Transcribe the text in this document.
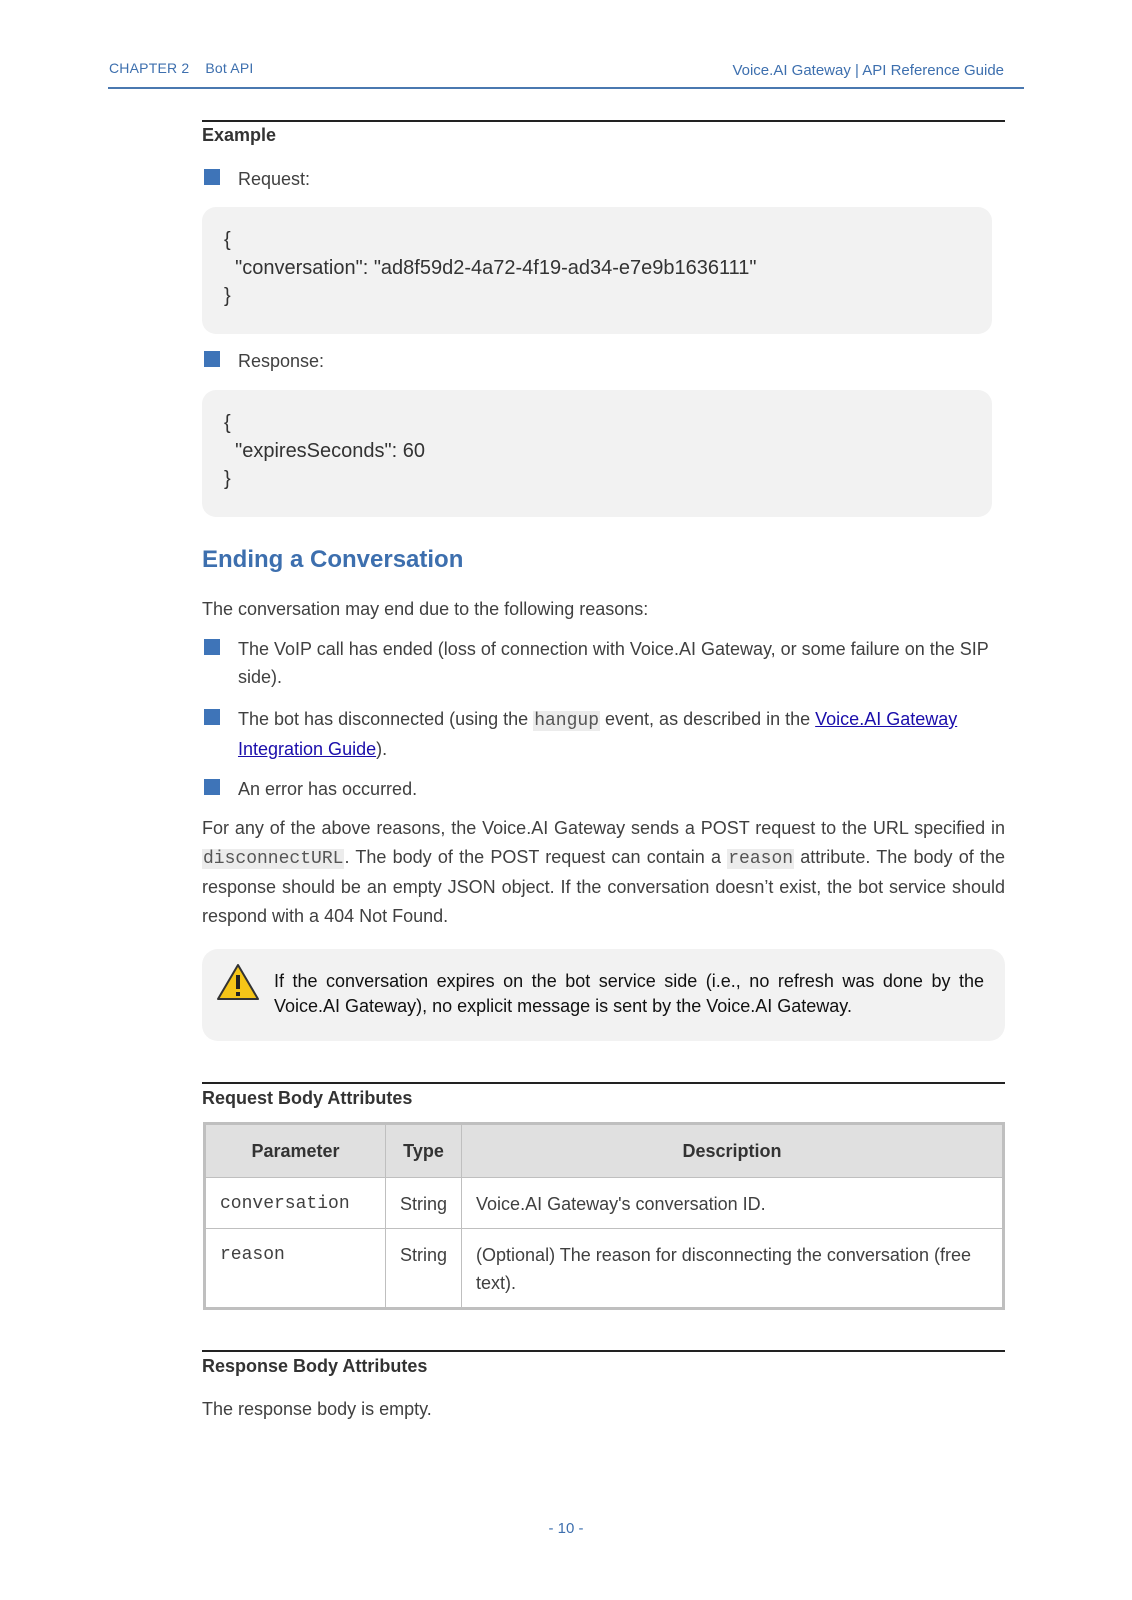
CHAPTER 2 Bot API	Voice.AI Gateway | API Reference Guide
Example
Request:
{
"conversation": "ad8f59d2-4a72-4f19-ad34-e7e9b1636111"
}
Response:
{
"expiresSeconds": 60
}
Ending a Conversation
The conversation may end due to the following reasons:
The VoIP call has ended (loss of connection with Voice.AI Gateway, or some failure on the SIP side).
The bot has disconnected (using the hangup event, as described in the Voice.AI Gateway Integration Guide).
An error has occurred.
For any of the above reasons, the Voice.AI Gateway sends a POST request to the URL specified in disconnectURL. The body of the POST request can contain a reason attribute. The body of the response should be an empty JSON object. If the conversation doesn’t exist, the bot service should respond with a 404 Not Found.
If the conversation expires on the bot service side (i.e., no refresh was done by the Voice.AI Gateway), no explicit message is sent by the Voice.AI Gateway.
Request Body Attributes
Parameter	Type	Description
conversation	String	Voice.AI Gateway's conversation ID.
reason	String	(Optional) The reason for disconnecting the conversation (free text).
Response Body Attributes
The response body is empty.
- 10 -
